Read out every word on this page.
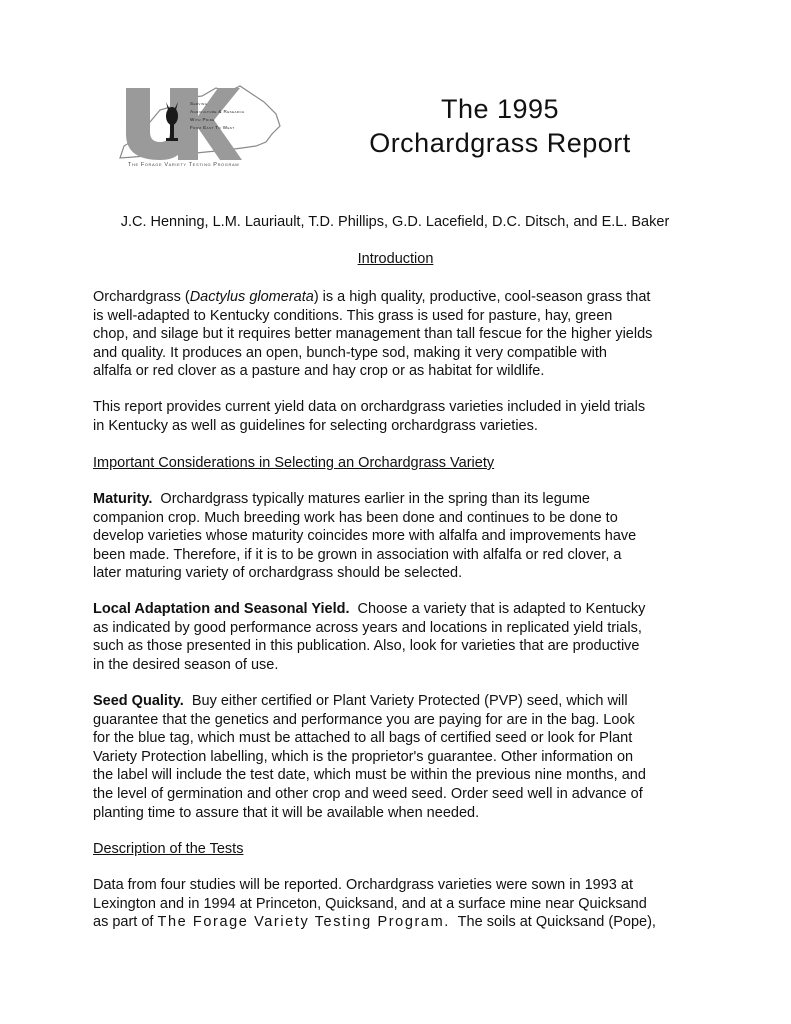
Serving
Agriculture & Research
With Pride
From East To West
The Forage Variety Testing Program
The 1995
Orchardgrass Report
J.C. Henning, L.M. Lauriault, T.D. Phillips, G.D. Lacefield, D.C. Ditsch, and E.L. Baker
Introduction
Orchardgrass (Dactylus glomerata) is a high quality, productive, cool-season grass that
is well-adapted to Kentucky conditions. This grass is used for pasture, hay, green
chop, and silage but it requires better management than tall fescue for the higher yields
and quality. It produces an open, bunch-type sod, making it very compatible with
alfalfa or red clover as a pasture and hay crop or as habitat for wildlife.
This report provides current yield data on orchardgrass varieties included in yield trials
in Kentucky as well as guidelines for selecting orchardgrass varieties.
Important Considerations in Selecting an Orchardgrass Variety
Maturity.  Orchardgrass typically matures earlier in the spring than its legume
companion crop. Much breeding work has been done and continues to be done to
develop varieties whose maturity coincides more with alfalfa and improvements have
been made. Therefore, if it is to be grown in association with alfalfa or red clover, a
later maturing variety of orchardgrass should be selected.
Local Adaptation and Seasonal Yield.  Choose a variety that is adapted to Kentucky
as indicated by good performance across years and locations in replicated yield trials,
such as those presented in this publication. Also, look for varieties that are productive
in the desired season of use.
Seed Quality.  Buy either certified or Plant Variety Protected (PVP) seed, which will
guarantee that the genetics and performance you are paying for are in the bag. Look
for the blue tag, which must be attached to all bags of certified seed or look for Plant
Variety Protection labelling, which is the proprietor's guarantee. Other information on
the label will include the test date, which must be within the previous nine months, and
the level of germination and other crop and weed seed. Order seed well in advance of
planting time to assure that it will be available when needed.
Description of the Tests
Data from four studies will be reported. Orchardgrass varieties were sown in 1993 at
Lexington and in 1994 at Princeton, Quicksand, and at a surface mine near Quicksand
as part of The Forage Variety Testing Program.  The soils at Quicksand (Pope),
